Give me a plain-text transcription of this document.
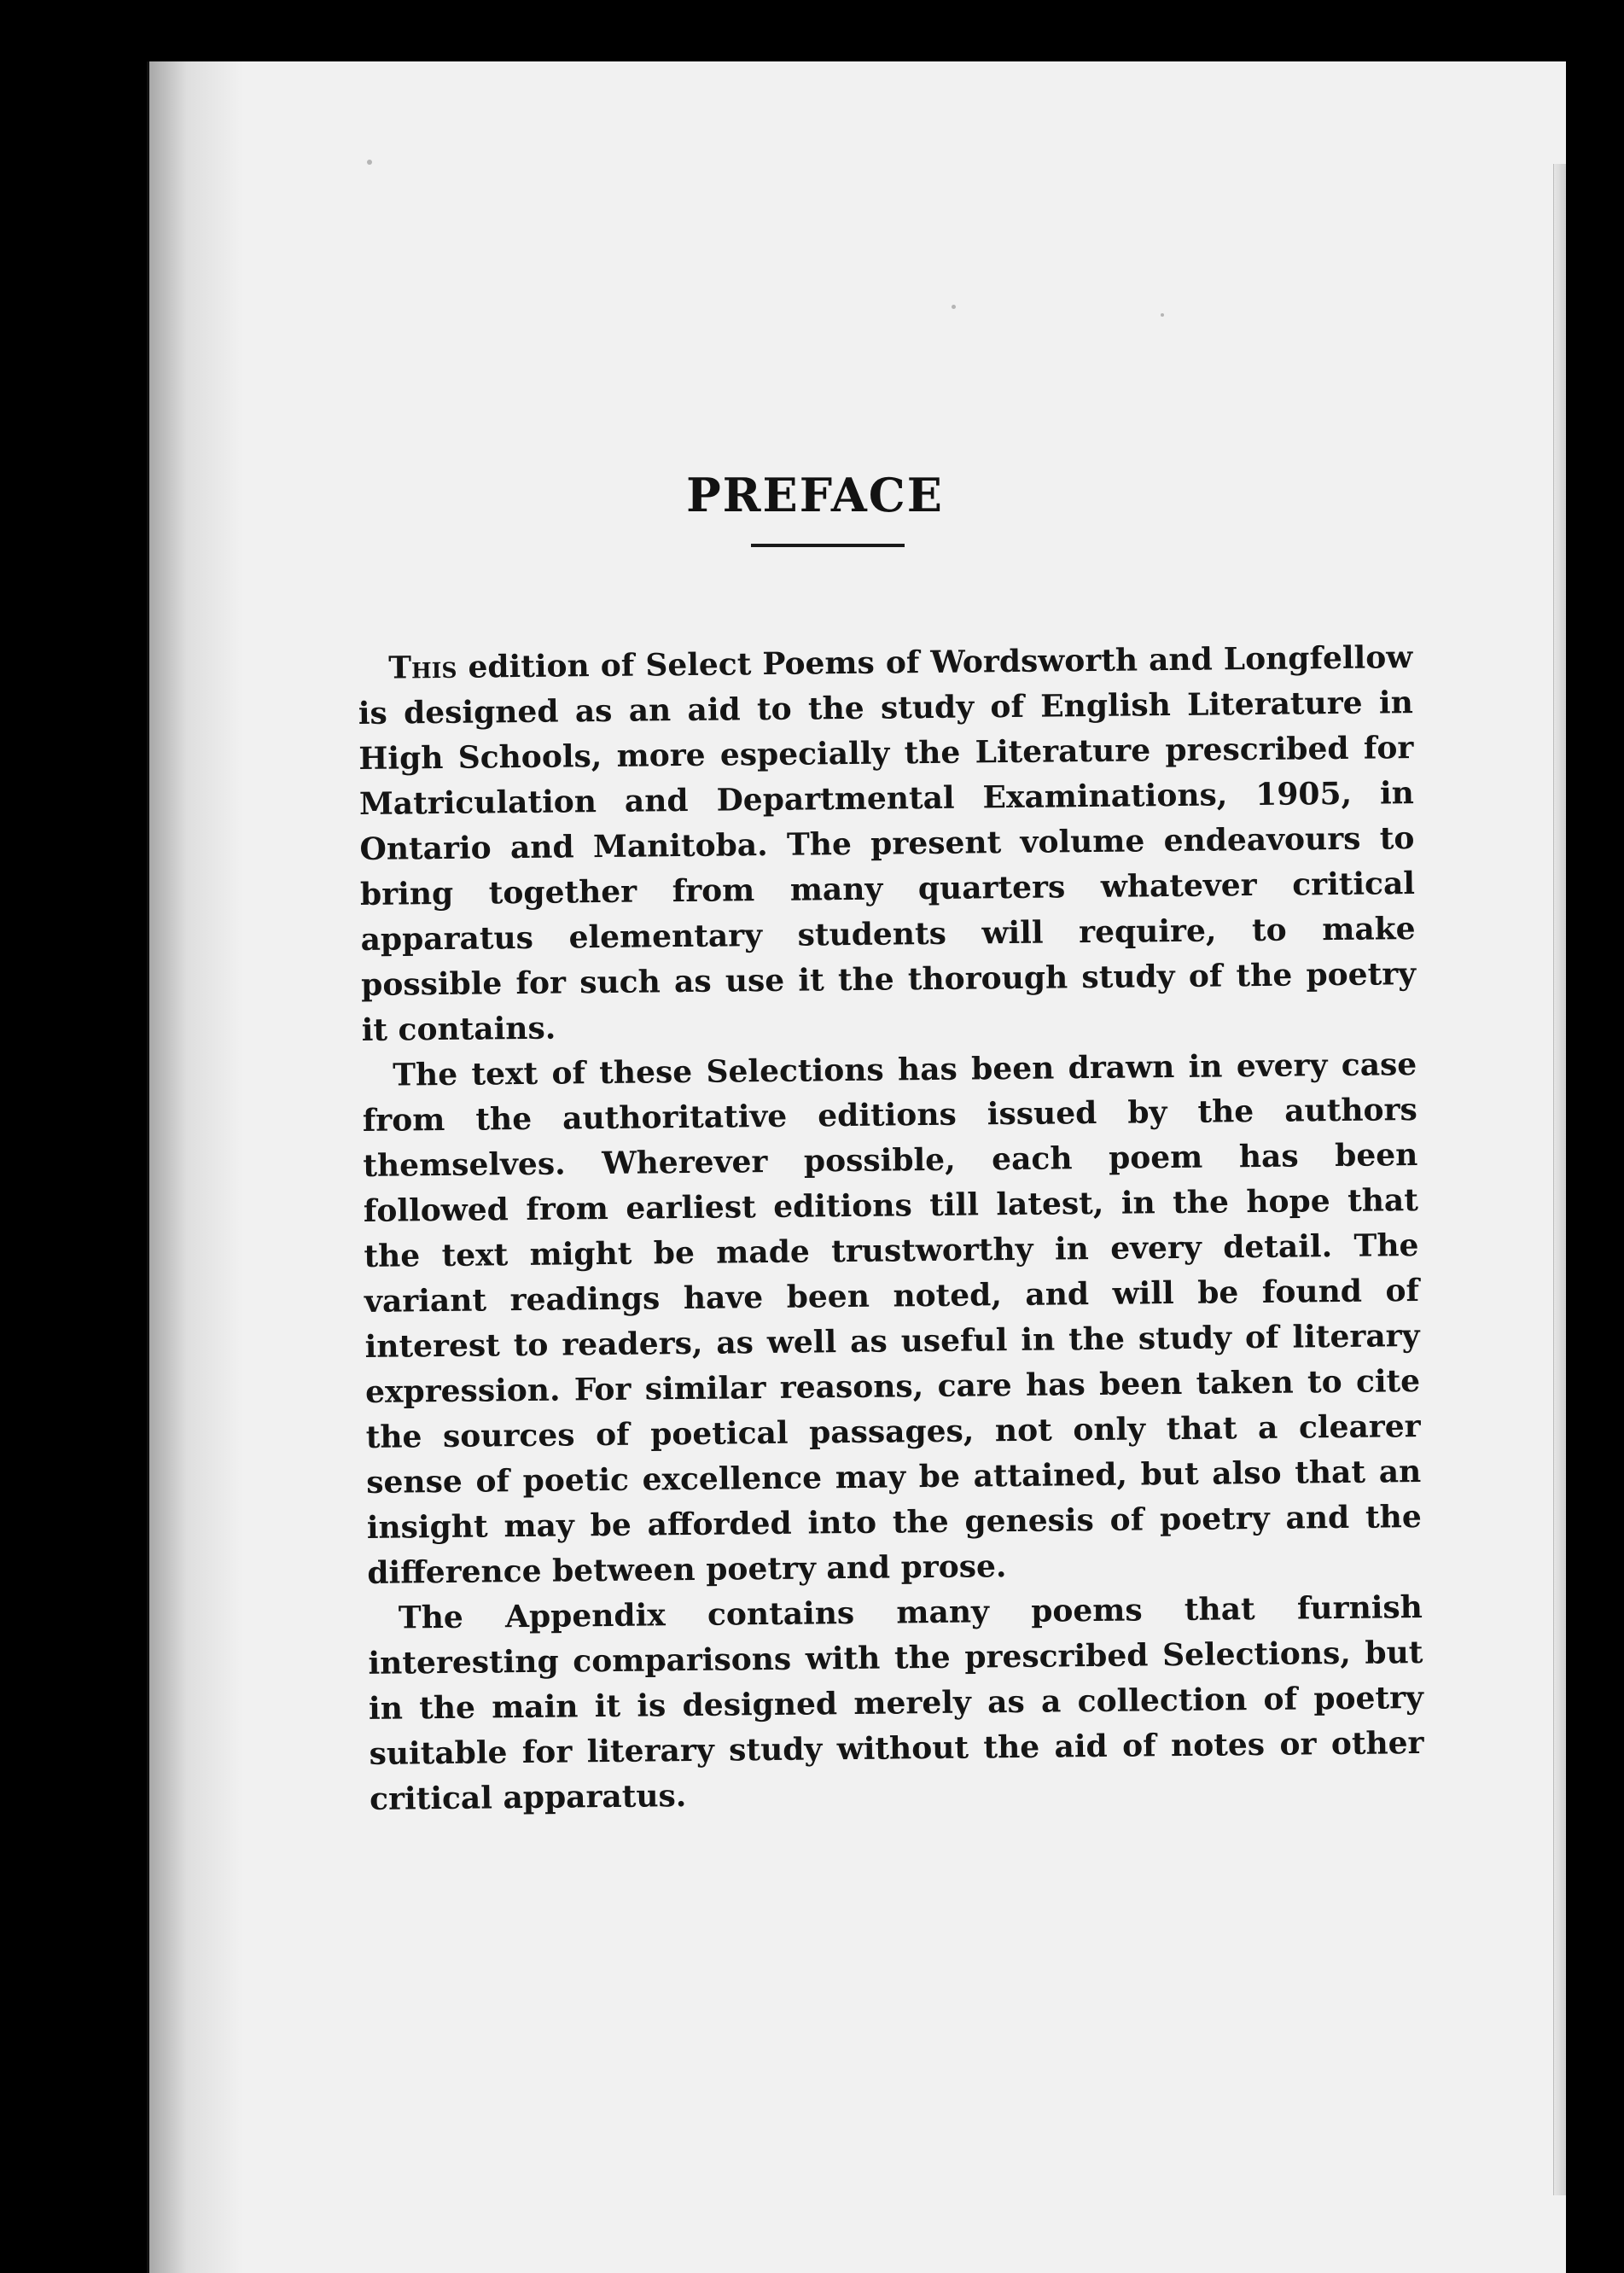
PREFACE

This edition of Select Poems of Wordsworth and Longfellow is designed as an aid to the study of English Literature in High Schools, more especially the Literature prescribed for Matriculation and Departmental Examinations, 1905, in Ontario and Manitoba. The present volume endeavours to bring together from many quarters whatever critical apparatus elementary students will require, to make possible for such as use it the thorough study of the poetry it contains.

The text of these Selections has been drawn in every case from the authoritative editions issued by the authors themselves. Wherever possible, each poem has been followed from earliest editions till latest, in the hope that the text might be made trustworthy in every detail. The variant readings have been noted, and will be found of interest to readers, as well as useful in the study of literary expression. For similar reasons, care has been taken to cite the sources of poetical passages, not only that a clearer sense of poetic excellence may be attained, but also that an insight may be afforded into the genesis of poetry and the difference between poetry and prose.

The Appendix contains many poems that furnish interesting comparisons with the prescribed Selections, but in the main it is designed merely as a collection of poetry suitable for literary study without the aid of notes or other critical apparatus.
